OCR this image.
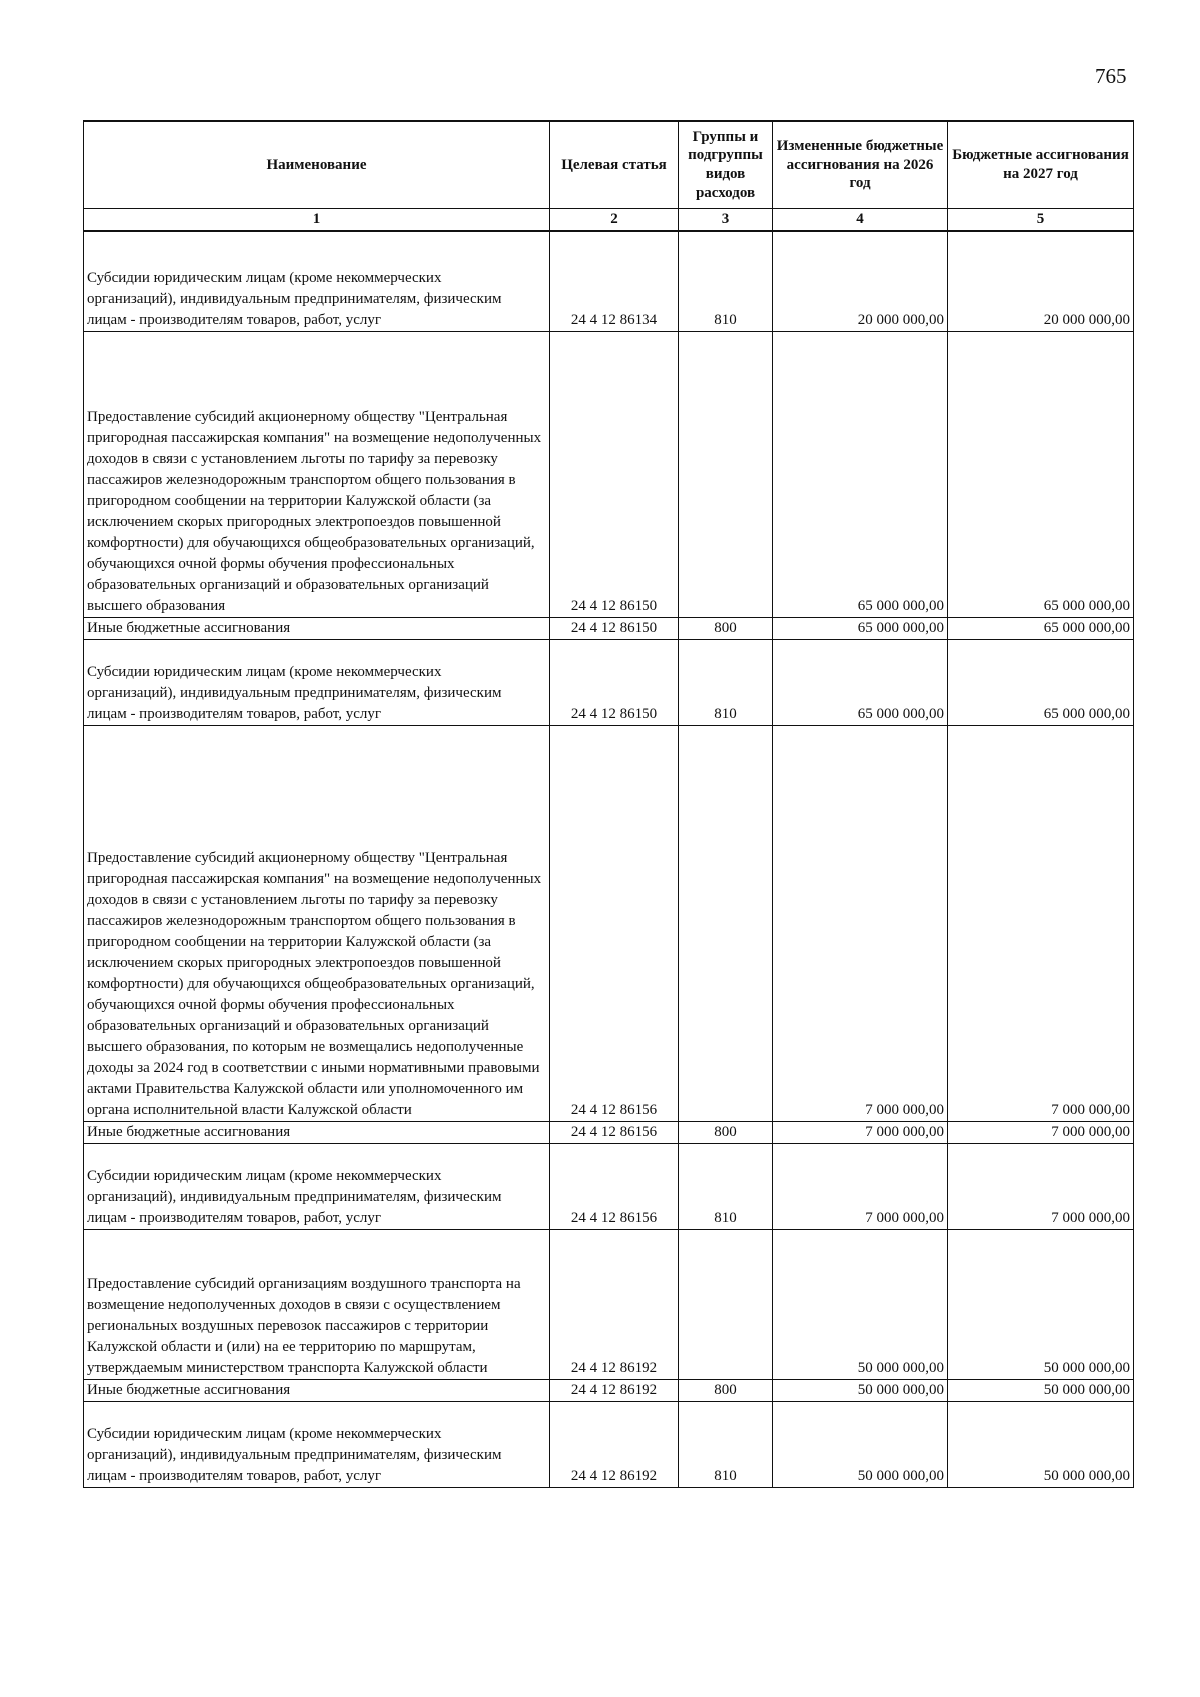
765
Наименование	Целевая статья	Группы и подгруппы видов расходов	Измененные бюджетные ассигнования на 2026 год	Бюджетные ассигнования на 2027 год
1	2	3	4	5
Субсидии юридическим лицам (кроме некоммерческих организаций), индивидуальным предпринимателям, физическим лицам - производителям товаров, работ, услуг	24 4 12 86134	810	20 000 000,00	20 000 000,00
Предоставление субсидий акционерному обществу "Центральная пригородная пассажирская компания" на возмещение недополученных доходов в связи с установлением льготы по тарифу за перевозку пассажиров железнодорожным транспортом общего пользования в пригородном сообщении на территории Калужской области (за исключением скорых пригородных электропоездов повышенной комфортности) для обучающихся общеобразовательных организаций, обучающихся очной формы обучения профессиональных образовательных организаций и образовательных организаций высшего образования	24 4 12 86150		65 000 000,00	65 000 000,00
Иные бюджетные ассигнования	24 4 12 86150	800	65 000 000,00	65 000 000,00
Субсидии юридическим лицам (кроме некоммерческих организаций), индивидуальным предпринимателям, физическим лицам - производителям товаров, работ, услуг	24 4 12 86150	810	65 000 000,00	65 000 000,00
Предоставление субсидий акционерному обществу "Центральная пригородная пассажирская компания" на возмещение недополученных доходов в связи с установлением льготы по тарифу за перевозку пассажиров железнодорожным транспортом общего пользования в пригородном сообщении на территории Калужской области (за исключением скорых пригородных электропоездов повышенной комфортности) для обучающихся общеобразовательных организаций, обучающихся очной формы обучения профессиональных образовательных организаций и образовательных организаций высшего образования, по которым не возмещались недополученные доходы за 2024 год в соответствии с иными нормативными правовыми актами Правительства Калужской области или уполномоченного им органа исполнительной власти Калужской области	24 4 12 86156		7 000 000,00	7 000 000,00
Иные бюджетные ассигнования	24 4 12 86156	800	7 000 000,00	7 000 000,00
Субсидии юридическим лицам (кроме некоммерческих организаций), индивидуальным предпринимателям, физическим лицам - производителям товаров, работ, услуг	24 4 12 86156	810	7 000 000,00	7 000 000,00
Предоставление субсидий организациям воздушного транспорта на возмещение недополученных доходов в связи с осуществлением региональных воздушных перевозок пассажиров с территории Калужской области и (или) на ее территорию по маршрутам, утверждаемым министерством транспорта Калужской области	24 4 12 86192		50 000 000,00	50 000 000,00
Иные бюджетные ассигнования	24 4 12 86192	800	50 000 000,00	50 000 000,00
Субсидии юридическим лицам (кроме некоммерческих организаций), индивидуальным предпринимателям, физическим лицам - производителям товаров, работ, услуг	24 4 12 86192	810	50 000 000,00	50 000 000,00
